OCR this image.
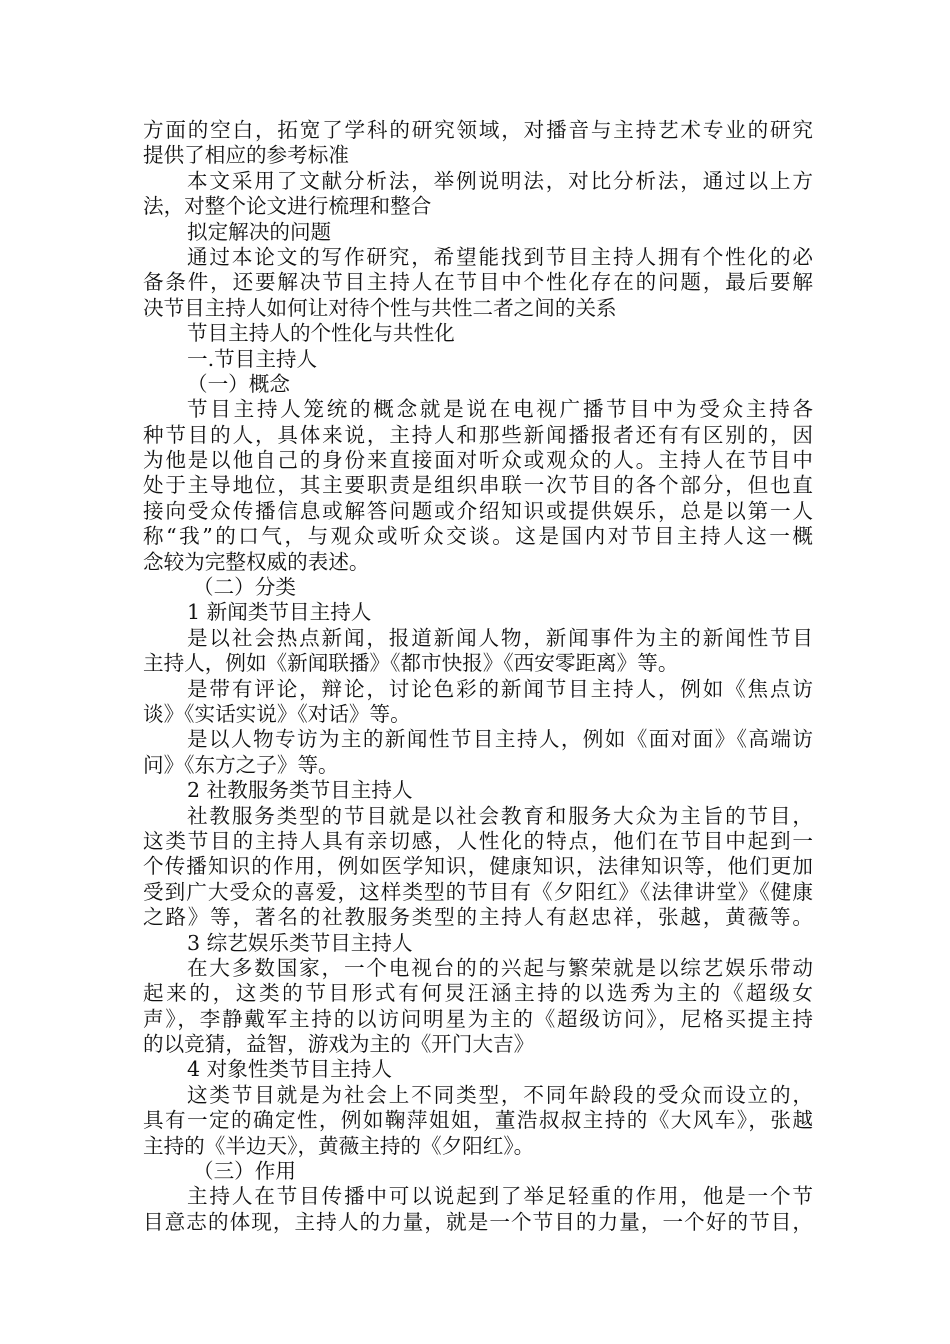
方面的空白，拓宽了学科的研究领域，对播音与主持艺术专业的研究
提供了相应的参考标准
本文采用了文献分析法，举例说明法，对比分析法，通过以上方
法，对整个论文进行梳理和整合
拟定解决的问题
通过本论文的写作研究，希望能找到节目主持人拥有个性化的必
备条件，还要解决节目主持人在节目中个性化存在的问题，最后要解
决节目主持人如何让对待个性与共性二者之间的关系
节目主持人的个性化与共性化
一.节目主持人
（一）概念
节目主持人笼统的概念就是说在电视广播节目中为受众主持各
种节目的人，具体来说，主持人和那些新闻播报者还有有区别的，因
为他是以他自己的身份来直接面对听众或观众的人。主持人在节目中
处于主导地位，其主要职责是组织串联一次节目的各个部分，但也直
接向受众传播信息或解答问题或介绍知识或提供娱乐，总是以第一人
称“我”的口气，与观众或听众交谈。这是国内对节目主持人这一概
念较为完整权威的表述。
（二）分类
1 新闻类节目主持人
是以社会热点新闻，报道新闻人物，新闻事件为主的新闻性节目
主持人，例如《新闻联播》《都市快报》《西安零距离》等。
是带有评论，辩论，讨论色彩的新闻节目主持人，例如《焦点访
谈》《实话实说》《对话》等。
是以人物专访为主的新闻性节目主持人，例如《面对面》《高端访
问》《东方之子》等。
2 社教服务类节目主持人
社教服务类型的节目就是以社会教育和服务大众为主旨的节目，
这类节目的主持人具有亲切感，人性化的特点，他们在节目中起到一
个传播知识的作用，例如医学知识，健康知识，法律知识等，他们更加
受到广大受众的喜爱，这样类型的节目有《夕阳红》《法律讲堂》《健康
之路》等，著名的社教服务类型的主持人有赵忠祥，张越，黄薇等。
3 综艺娱乐类节目主持人
在大多数国家，一个电视台的的兴起与繁荣就是以综艺娱乐带动
起来的，这类的节目形式有何炅汪涵主持的以选秀为主的《超级女
声》，李静戴军主持的以访问明星为主的《超级访问》，尼格买提主持
的以竞猜，益智，游戏为主的《开门大吉》
4 对象性类节目主持人
这类节目就是为社会上不同类型，不同年龄段的受众而设立的，
具有一定的确定性，例如鞠萍姐姐，董浩叔叔主持的《大风车》，张越
主持的《半边天》，黄薇主持的《夕阳红》。
（三）作用
主持人在节目传播中可以说起到了举足轻重的作用，他是一个节
目意志的体现，主持人的力量，就是一个节目的力量，一个好的节目，
